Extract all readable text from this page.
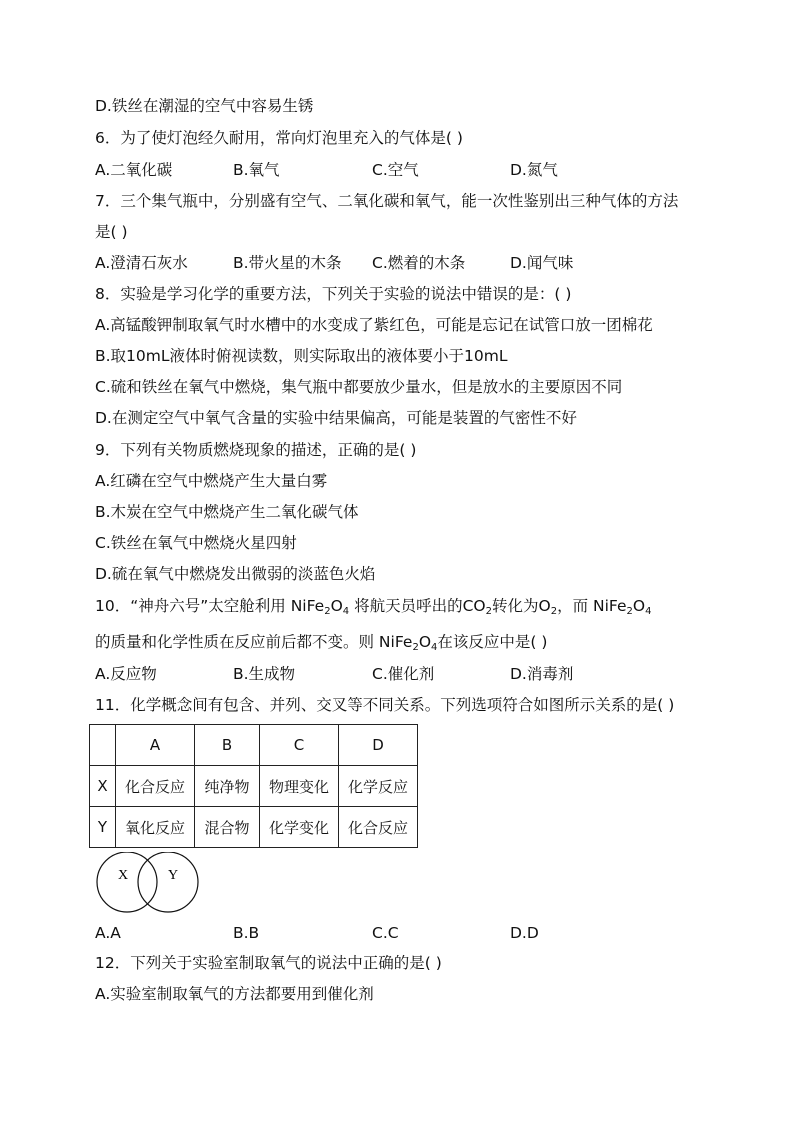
D.铁丝在潮湿的空气中容易生锈
6．为了使灯泡经久耐用，常向灯泡里充入的气体是( )
A.二氧化碳	B.氧气	C.空气	D.氮气
7．三个集气瓶中，分别盛有空气、二氧化碳和氧气，能一次性鉴别出三种气体的方法
是( )
A.澄清石灰水	B.带火星的木条 C.燃着的木条	D.闻气味
8．实验是学习化学的重要方法，下列关于实验的说法中错误的是：( )
A.高锰酸钾制取氧气时水槽中的水变成了紫红色，可能是忘记在试管口放一团棉花
B.取10mL液体时俯视读数，则实际取出的液体要小于10mL
C.硫和铁丝在氧气中燃烧，集气瓶中都要放少量水，但是放水的主要原因不同
D.在测定空气中氧气含量的实验中结果偏高，可能是装置的气密性不好
9．下列有关物质燃烧现象的描述，正确的是( )
A.红磷在空气中燃烧产生大量白雾
B.木炭在空气中燃烧产生二氧化碳气体
C.铁丝在氧气中燃烧火星四射
D.硫在氧气中燃烧发出微弱的淡蓝色火焰
10．“神舟六号”太空舱利用 $NiFe_2O_4$ 将航天员呼出的$CO_2$转化为$O_2$，而 $NiFe_2O_4$
的质量和化学性质在反应前后都不变。则 $NiFe_2O_4$在该反应中是( )
A.反应物	B.生成物	C.催化剂	D.消毒剂
11．化学概念间有包含、并列、交叉等不同关系。下列选项符合如图所示关系的是( )
	A	B	C	D
X	化合反应	纯净物	物理变化	化学反应
Y	氧化反应	混合物	化学变化	化合反应
X	Y
A.A	B.B	C.C	D.D
12．下列关于实验室制取氧气的说法中正确的是( )
A.实验室制取氧气的方法都要用到催化剂
